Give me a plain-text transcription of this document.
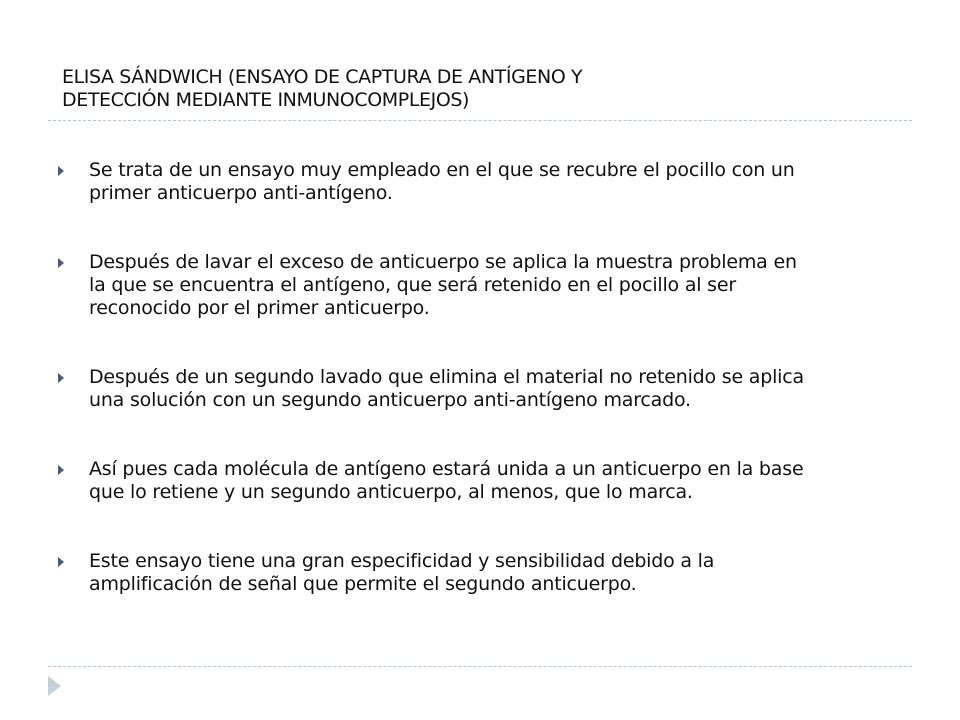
ELISA SÁNDWICH (ENSAYO DE CAPTURA DE ANTÍGENO Y
DETECCIÓN MEDIANTE INMUNOCOMPLEJOS)
Se trata de un ensayo muy empleado en el que se recubre el pocillo con un
primer anticuerpo anti-antígeno.
Después de lavar el exceso de anticuerpo se aplica la muestra problema en
la que se encuentra el antígeno, que será retenido en el pocillo al ser
reconocido por el primer anticuerpo.
Después de un segundo lavado que elimina el material no retenido se aplica
una solución con un segundo anticuerpo anti-antígeno marcado.
Así pues cada molécula de antígeno estará unida a un anticuerpo en la base
que lo retiene y un segundo anticuerpo, al menos, que lo marca.
Este ensayo tiene una gran especificidad y sensibilidad debido a la
amplificación de señal que permite el segundo anticuerpo.
